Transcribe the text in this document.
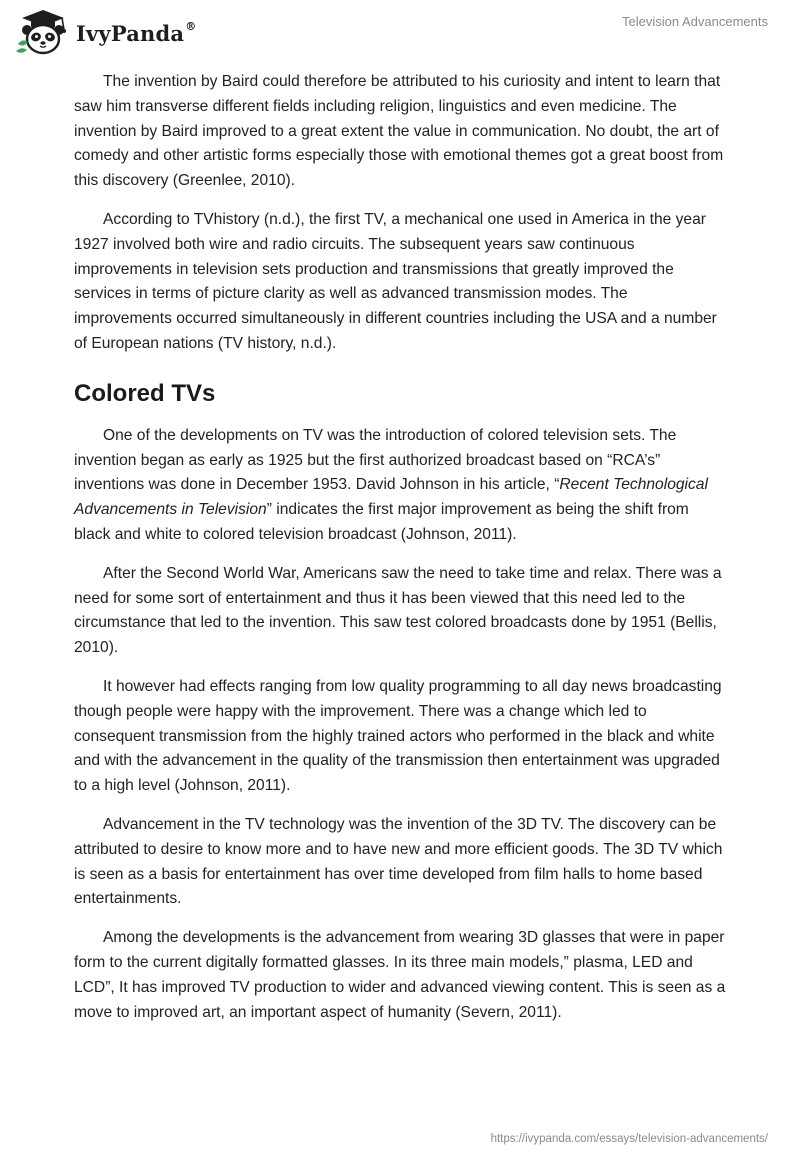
IvyPanda®	Television Advancements

The invention by Baird could therefore be attributed to his curiosity and intent to learn that saw him transverse different fields including religion, linguistics and even medicine. The invention by Baird improved to a great extent the value in communication. No doubt, the art of comedy and other artistic forms especially those with emotional themes got a great boost from this discovery (Greenlee, 2010).

According to TVhistory (n.d.), the first TV, a mechanical one used in America in the year 1927 involved both wire and radio circuits. The subsequent years saw continuous improvements in television sets production and transmissions that greatly improved the services in terms of picture clarity as well as advanced transmission modes. The improvements occurred simultaneously in different countries including the USA and a number of European nations (TV history, n.d.).

Colored TVs

One of the developments on TV was the introduction of colored television sets. The invention began as early as 1925 but the first authorized broadcast based on “RCA’s” inventions was done in December 1953. David Johnson in his article, “Recent Technological Advancements in Television” indicates the first major improvement as being the shift from black and white to colored television broadcast (Johnson, 2011).

After the Second World War, Americans saw the need to take time and relax. There was a need for some sort of entertainment and thus it has been viewed that this need led to the circumstance that led to the invention. This saw test colored broadcasts done by 1951 (Bellis, 2010).

It however had effects ranging from low quality programming to all day news broadcasting though people were happy with the improvement. There was a change which led to consequent transmission from the highly trained actors who performed in the black and white and with the advancement in the quality of the transmission then entertainment was upgraded to a high level (Johnson, 2011).

Advancement in the TV technology was the invention of the 3D TV. The discovery can be attributed to desire to know more and to have new and more efficient goods. The 3D TV which is seen as a basis for entertainment has over time developed from film halls to home based entertainments.

Among the developments is the advancement from wearing 3D glasses that were in paper form to the current digitally formatted glasses. In its three main models,” plasma, LED and LCD”, It has improved TV production to wider and advanced viewing content. This is seen as a move to improved art, an important aspect of humanity (Severn, 2011).

https://ivypanda.com/essays/television-advancements/
